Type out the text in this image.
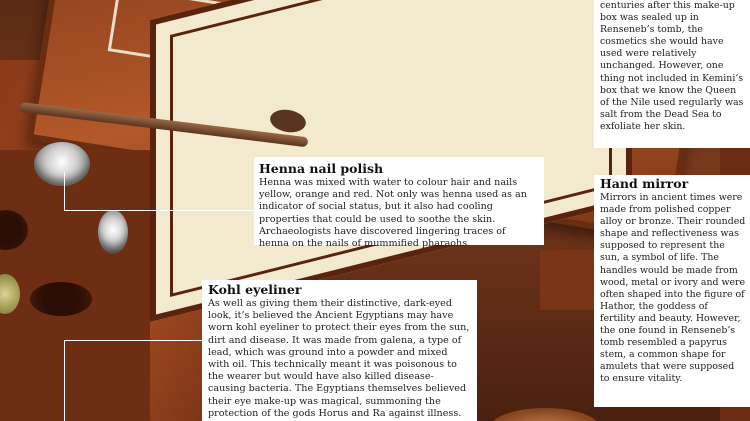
centuries after this make-up box was sealed up in Renseneb’s tomb, the cosmetics she would have used were relatively unchanged. However, one thing not included in Kemini’s box that we know the Queen of the Nile used regularly was salt from the Dead Sea to exfoliate her skin.

Henna nail polish

Henna was mixed with water to colour hair and nails yellow, orange and red. Not only was henna used as an indicator of social status, but it also had cooling properties that could be used to soothe the skin. Archaeologists have discovered lingering traces of henna on the nails of mummified pharaohs.

Hand mirror

Mirrors in ancient times were made from polished copper alloy or bronze. Their rounded shape and reflectiveness was supposed to represent the sun, a symbol of life. The handles would be made from wood, metal or ivory and were often shaped into the figure of Hathor, the goddess of fertility and beauty. However, the one found in Renseneb’s tomb resembled a papyrus stem, a common shape for amulets that were supposed to ensure vitality.

Kohl eyeliner

As well as giving them their distinctive, dark-eyed look, it’s believed the Ancient Egyptians may have worn kohl eyeliner to protect their eyes from the sun, dirt and disease. It was made from galena, a type of lead, which was ground into a powder and mixed with oil. This technically meant it was poisonous to the wearer but would have also killed disease-causing bacteria. The Egyptians themselves believed their eye make-up was magical, summoning the protection of the gods Horus and Ra against illness.
